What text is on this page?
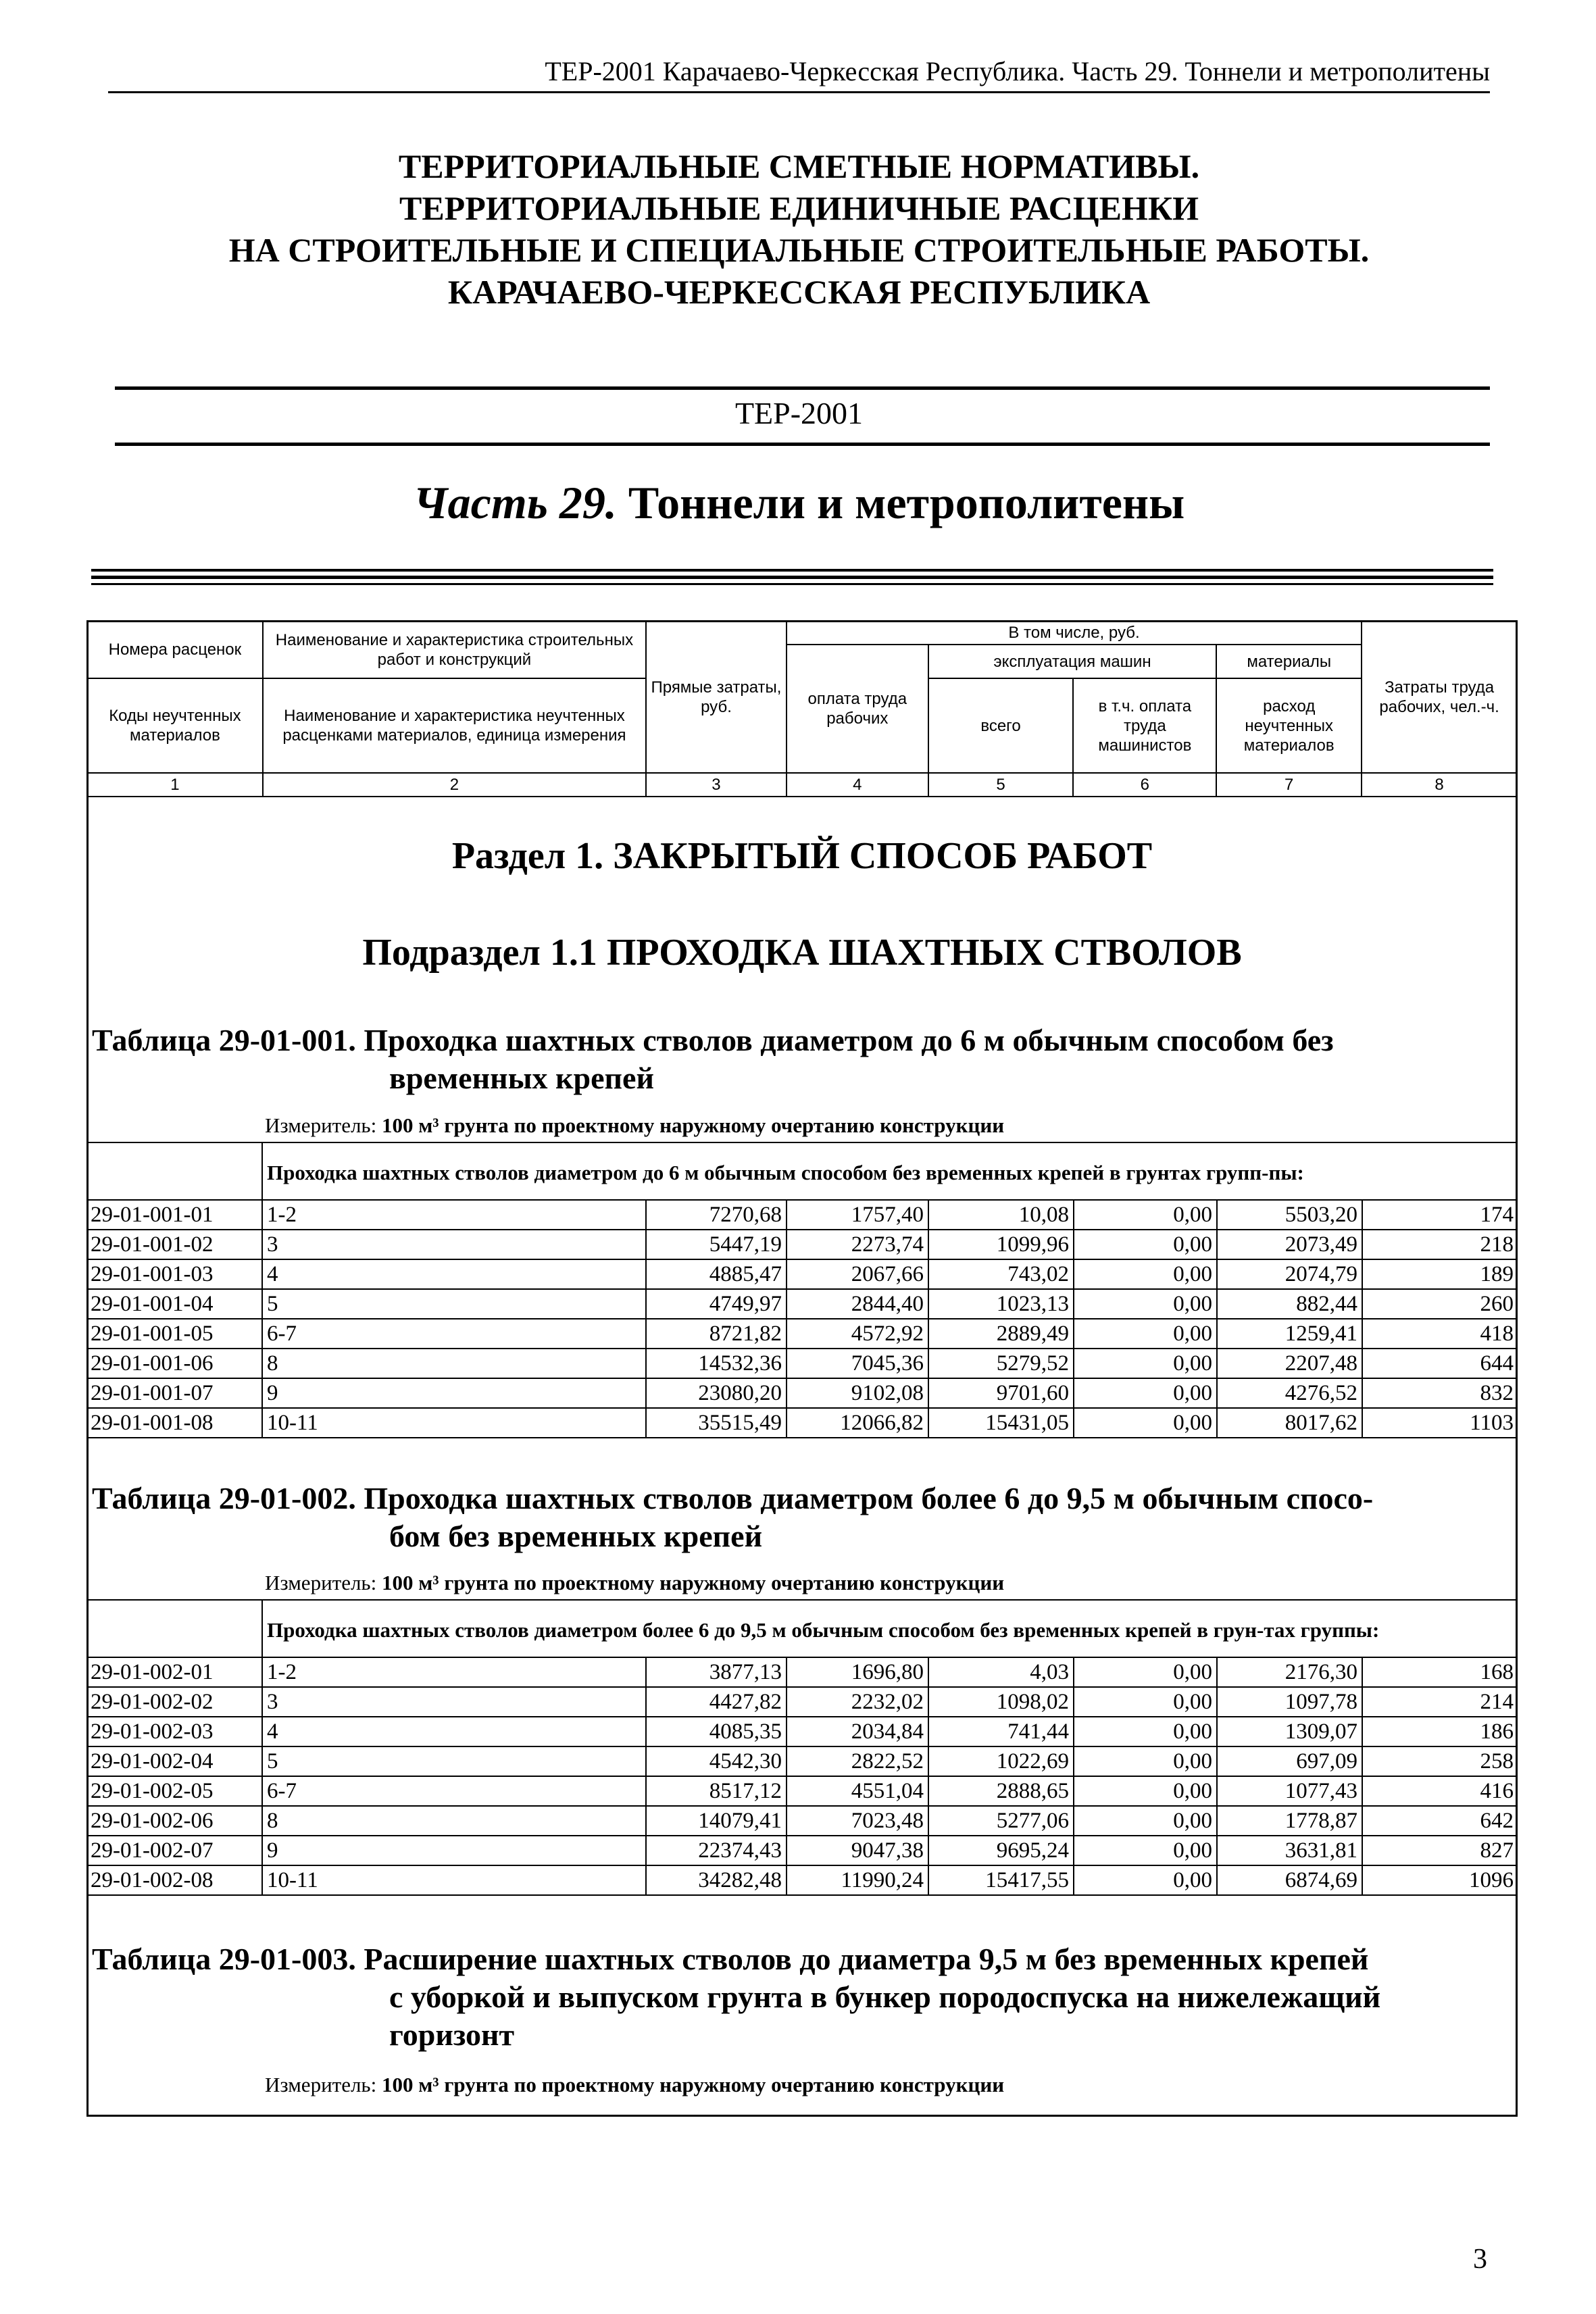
ТЕР-2001 Карачаево-Черкесская Республика. Часть 29. Тоннели и метрополитены
ТЕРРИТОРИАЛЬНЫЕ СМЕТНЫЕ НОРМАТИВЫ.
ТЕРРИТОРИАЛЬНЫЕ ЕДИНИЧНЫЕ РАСЦЕНКИ
НА СТРОИТЕЛЬНЫЕ И СПЕЦИАЛЬНЫЕ СТРОИТЕЛЬНЫЕ РАБОТЫ.
КАРАЧАЕВО-ЧЕРКЕССКАЯ РЕСПУБЛИКА
ТЕР-2001
Часть 29. Тоннели и метрополитены
Номера расценок	Наименование и характеристика строительных работ и конструкций	Прямые затраты, руб.	В том числе, руб.				Затраты труда рабочих, чел.-ч.
			оплата труда рабочих	эксплуатация машин		материалы	
Коды неучтенных материалов	Наименование и характеристика неучтенных расценками материалов, единица измерения			всего	в т.ч. оплата труда машинистов	расход неучтенных материалов	

1	2	3	4	5	6	7	8
Раздел 1. ЗАКРЫТЫЙ СПОСОБ РАБОТ
Подраздел 1.1 ПРОХОДКА ШАХТНЫХ СТВОЛОВ
Таблица 29-01-001. Проходка шахтных стволов диаметром до 6 м обычным способом без
временных крепей
Измеритель: 100 м³ грунта по проектному наружному очертанию конструкции
	Проходка шахтных стволов диаметром до 6 м обычным способом без временных крепей в грунтах групп-пы:						
29-01-001-01	1-2	7270,68	1757,40	10,08	0,00	5503,20	174
29-01-001-02	3	5447,19	2273,74	1099,96	0,00	2073,49	218
29-01-001-03	4	4885,47	2067,66	743,02	0,00	2074,79	189
29-01-001-04	5	4749,97	2844,40	1023,13	0,00	882,44	260
29-01-001-05	6-7	8721,82	4572,92	2889,49	0,00	1259,41	418
29-01-001-06	8	14532,36	7045,36	5279,52	0,00	2207,48	644
29-01-001-07	9	23080,20	9102,08	9701,60	0,00	4276,52	832
29-01-001-08	10-11	35515,49	12066,82	15431,05	0,00	8017,62	1103
Таблица 29-01-002. Проходка шахтных стволов диаметром более 6 до 9,5 м обычным спосо-
бом без временных крепей
Измеритель: 100 м³ грунта по проектному наружному очертанию конструкции
	Проходка шахтных стволов диаметром более 6 до 9,5 м обычным способом без временных крепей в грун-тах группы:						
29-01-002-01	1-2	3877,13	1696,80	4,03	0,00	2176,30	168
29-01-002-02	3	4427,82	2232,02	1098,02	0,00	1097,78	214
29-01-002-03	4	4085,35	2034,84	741,44	0,00	1309,07	186
29-01-002-04	5	4542,30	2822,52	1022,69	0,00	697,09	258
29-01-002-05	6-7	8517,12	4551,04	2888,65	0,00	1077,43	416
29-01-002-06	8	14079,41	7023,48	5277,06	0,00	1778,87	642
29-01-002-07	9	22374,43	9047,38	9695,24	0,00	3631,81	827
29-01-002-08	10-11	34282,48	11990,24	15417,55	0,00	6874,69	1096
Таблица 29-01-003. Расширение шахтных стволов до диаметра 9,5 м без временных крепей
с уборкой и выпуском грунта в бункер породоспуска на нижележащий
горизонт
Измеритель: 100 м³ грунта по проектному наружному очертанию конструкции
3
